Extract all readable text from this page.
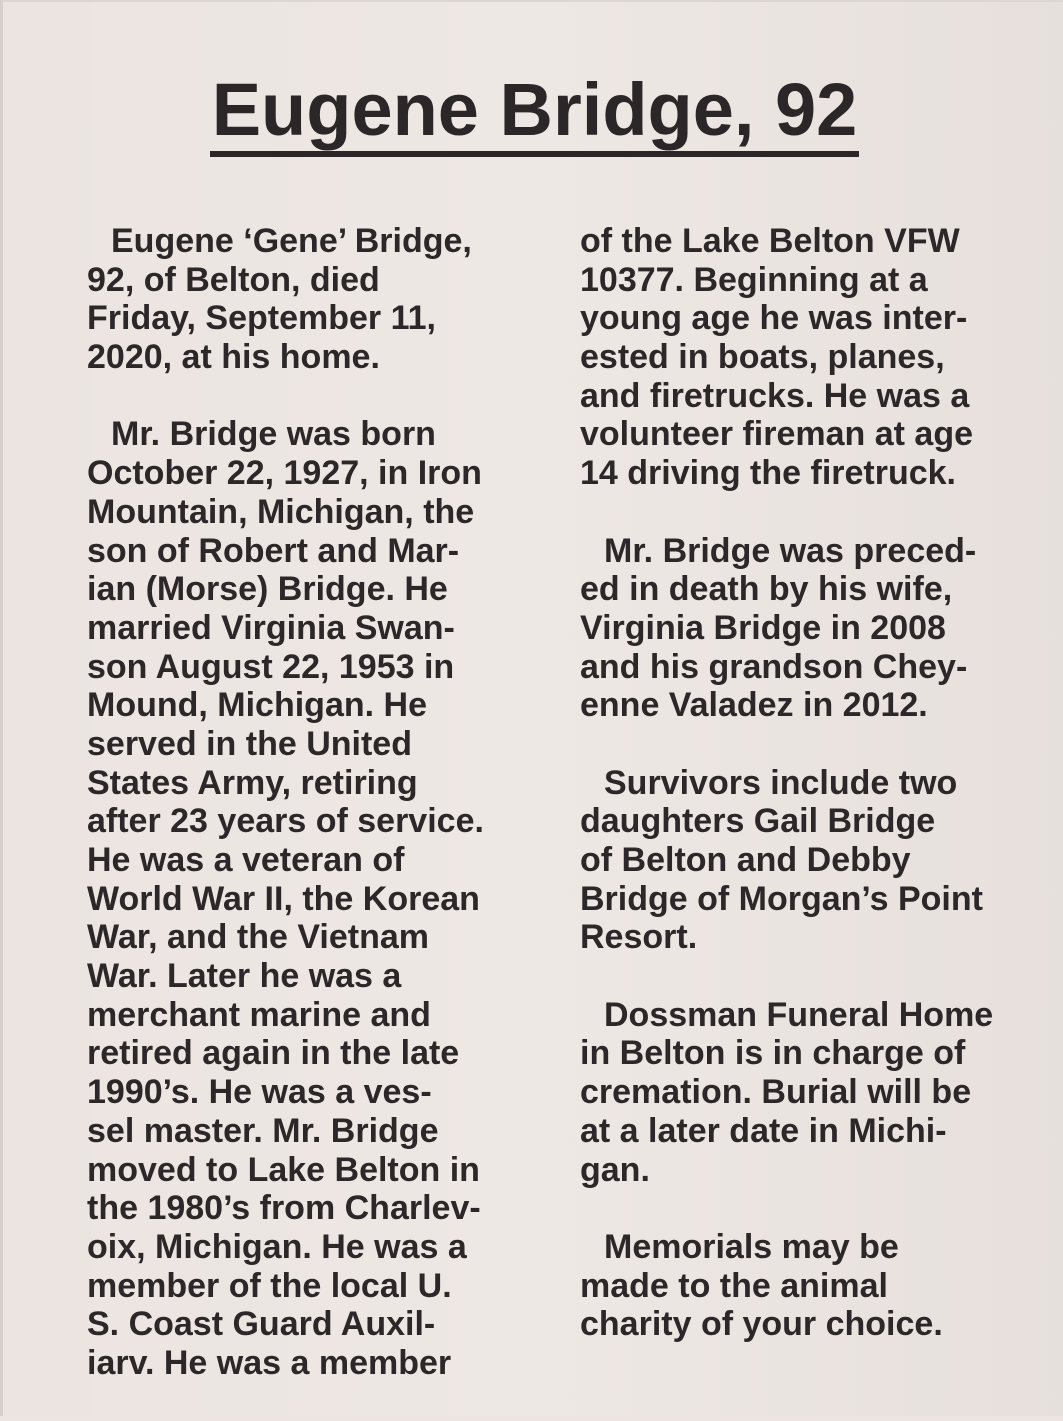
Eugene Bridge, 92
Eugene ‘Gene’ Bridge,
92, of Belton, died
Friday, September 11,
2020, at his home.
Mr. Bridge was born
October 22, 1927, in Iron
Mountain, Michigan, the
son of Robert and Mar-
ian (Morse) Bridge. He
married Virginia Swan-
son August 22, 1953 in
Mound, Michigan. He
served in the United
States Army, retiring
after 23 years of service.
He was a veteran of
World War II, the Korean
War, and the Vietnam
War. Later he was a
merchant marine and
retired again in the late
1990’s. He was a ves-
sel master. Mr. Bridge
moved to Lake Belton in
the 1980’s from Charlev-
oix, Michigan. He was a
member of the local U.
S. Coast Guard Auxil-
iarv. He was a member
of the Lake Belton VFW
10377. Beginning at a
young age he was inter-
ested in boats, planes,
and firetrucks. He was a
volunteer fireman at age
14 driving the firetruck.
Mr. Bridge was preced-
ed in death by his wife,
Virginia Bridge in 2008
and his grandson Chey-
enne Valadez in 2012.
Survivors include two
daughters Gail Bridge
of Belton and Debby
Bridge of Morgan’s Point
Resort.
Dossman Funeral Home
in Belton is in charge of
cremation. Burial will be
at a later date in Michi-
gan.
Memorials may be
made to the animal
charity of your choice.
